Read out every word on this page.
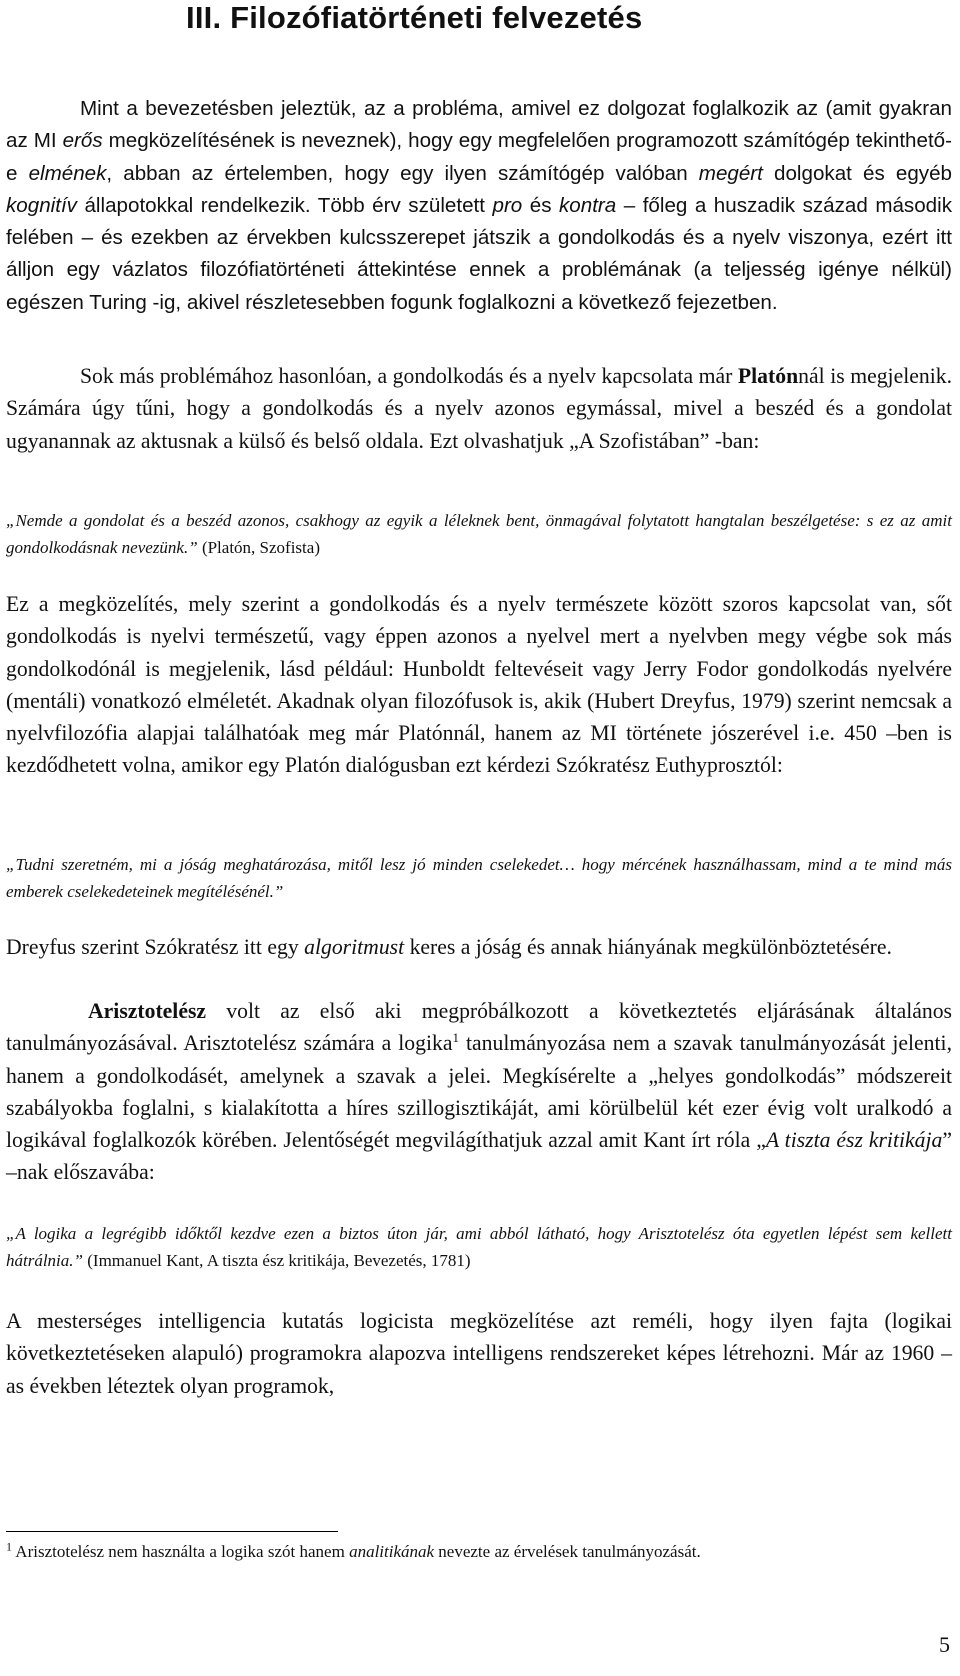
III. Filozófiatörténeti felvezetés

Mint a bevezetésben jeleztük, az a probléma, amivel ez dolgozat foglalkozik az (amit gyakran az MI erős megközelítésének is neveznek), hogy egy megfelelően programozott számítógép tekinthető-e elmének, abban az értelemben, hogy egy ilyen számítógép valóban megért dolgokat és egyéb kognitív állapotokkal rendelkezik. Több érv született pro és kontra – főleg a huszadik század második felében – és ezekben az érvekben kulcsszerepet játszik a gondolkodás és a nyelv viszonya, ezért itt álljon egy vázlatos filozófiatörténeti áttekintése ennek a problémának (a teljesség igénye nélkül) egészen Turing -ig, akivel részletesebben fogunk foglalkozni a következő fejezetben.

Sok más problémához hasonlóan, a gondolkodás és a nyelv kapcsolata már Platónnál is megjelenik. Számára úgy tűni, hogy a gondolkodás és a nyelv azonos egymással, mivel a beszéd és a gondolat ugyanannak az aktusnak a külső és belső oldala. Ezt olvashatjuk „A Szofistában” -ban:

„Nemde a gondolat és a beszéd azonos, csakhogy az egyik a léleknek bent, önmagával folytatott hangtalan beszélgetése: s ez az amit gondolkodásnak nevezünk.” (Platón, Szofista)

Ez a megközelítés, mely szerint a gondolkodás és a nyelv természete között szoros kapcsolat van, sőt gondolkodás is nyelvi természetű, vagy éppen azonos a nyelvel mert a nyelvben megy végbe sok más gondolkodónál is megjelenik, lásd például: Hunboldt feltevéseit vagy Jerry Fodor gondolkodás nyelvére (mentáli) vonatkozó elméletét. Akadnak olyan filozófusok is, akik (Hubert Dreyfus, 1979) szerint nemcsak a nyelvfilozófia alapjai találhatóak meg már Platónnál, hanem az MI története jószerével i.e. 450 –ben is kezdődhetett volna, amikor egy Platón dialógusban ezt kérdezi Szókratész Euthyprosztól:

„Tudni szeretném, mi a jóság meghatározása, mitől lesz jó minden cselekedet… hogy mércének használhassam, mind a te mind más emberek cselekedeteinek megítélésénél.”

Dreyfus szerint Szókratész itt egy algoritmust keres a jóság és annak hiányának megkülönböztetésére.

Arisztotelész volt az első aki megpróbálkozott a következtetés eljárásának általános tanulmányozásával. Arisztotelész számára a logika$^1$ tanulmányozása nem a szavak tanulmányozását jelenti, hanem a gondolkodásét, amelynek a szavak a jelei. Megkísérelte a „helyes gondolkodás” módszereit szabályokba foglalni, s kialakította a híres szillogisztikáját, ami körülbelül két ezer évig volt uralkodó a logikával foglalkozók körében. Jelentőségét megvilágíthatjuk azzal amit Kant írt róla „A tiszta ész kritikája” –nak előszavába:

„A logika a legrégibb időktől kezdve ezen a biztos úton jár, ami abból látható, hogy Arisztotelész óta egyetlen lépést sem kellett hátrálnia.” (Immanuel Kant, A tiszta ész kritikája, Bevezetés, 1781)

A mesterséges intelligencia kutatás logicista megközelítése azt reméli, hogy ilyen fajta (logikai következtetéseken alapuló) programokra alapozva intelligens rendszereket képes létrehozni. Már az 1960 –as években léteztek olyan programok,

$^1$ Arisztotelész nem használta a logika szót hanem analitikának nevezte az érvelések tanulmányozását.

5
